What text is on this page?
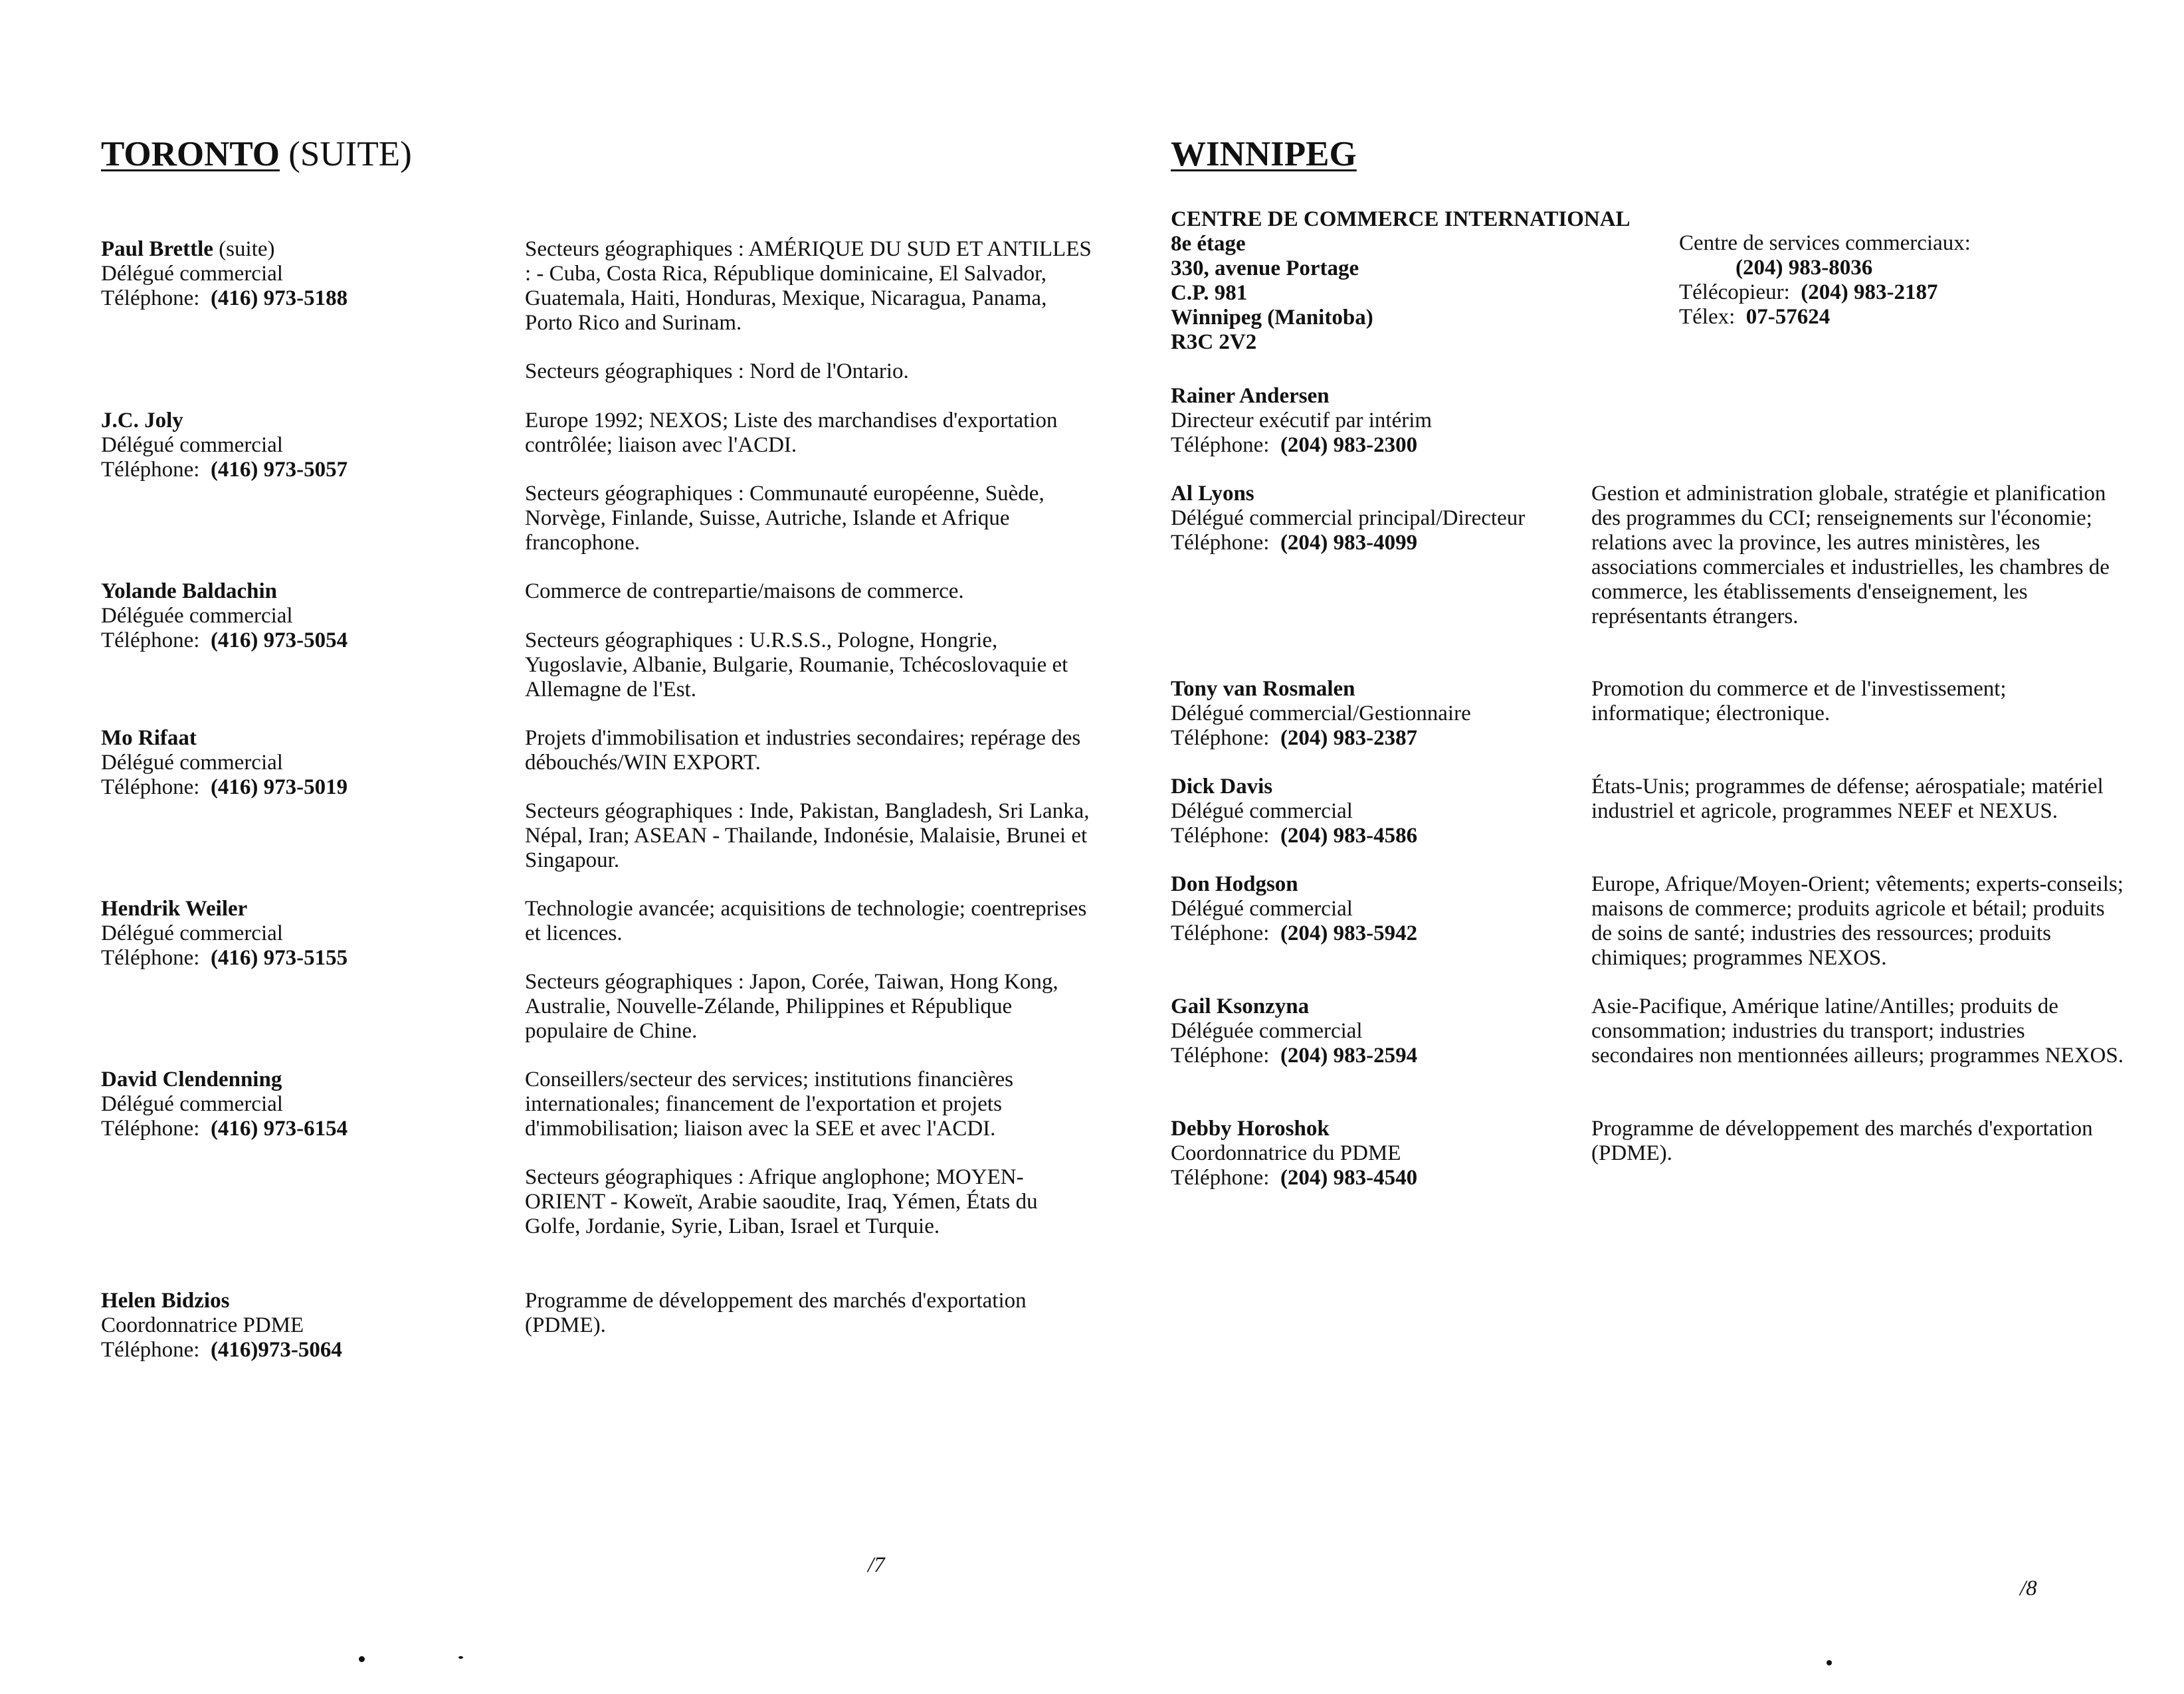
TORONTO (SUITE)
Paul Brettle (suite)
Délégué commercial
Téléphone: (416) 973-5188
J.C. Joly
Délégué commercial
Téléphone: (416) 973-5057
Yolande Baldachin
Déléguée commercial
Téléphone: (416) 973-5054
Mo Rifaat
Délégué commercial
Téléphone: (416) 973-5019
Hendrik Weiler
Délégué commercial
Téléphone: (416) 973-5155
David Clendenning
Délégué commercial
Téléphone: (416) 973-6154
Helen Bidzios
Coordonnatrice PDME
Téléphone: (416)973-5064

Secteurs géographiques : AMÉRIQUE DU SUD ET ANTILLES : - Cuba, Costa Rica, République dominicaine, El Salvador, Guatemala, Haiti, Honduras, Mexique, Nicaragua, Panama, Porto Rico and Surinam.

Secteurs géographiques : Nord de l'Ontario.

Europe 1992; NEXOS; Liste des marchandises d'exportation contrôlée; liaison avec l'ACDI.

Secteurs géographiques : Communauté européenne, Suède, Norvège, Finlande, Suisse, Autriche, Islande et Afrique francophone.

Commerce de contrepartie/maisons de commerce.

Secteurs géographiques : U.R.S.S., Pologne, Hongrie, Yugoslavie, Albanie, Bulgarie, Roumanie, Tchécoslovaquie et Allemagne de l'Est.

Projets d'immobilisation et industries secondaires; repérage des débouchés/WIN EXPORT.

Secteurs géographiques : Inde, Pakistan, Bangladesh, Sri Lanka, Népal, Iran; ASEAN - Thailande, Indonésie, Malaisie, Brunei et Singapour.

Technologie avancée; acquisitions de technologie; coentreprises et licences.

Secteurs géographiques : Japon, Corée, Taiwan, Hong Kong, Australie, Nouvelle-Zélande, Philippines et République populaire de Chine.

Conseillers/secteur des services; institutions financières internationales; financement de l'exportation et projets d'immobilisation; liaison avec la SEE et avec l'ACDI.

Secteurs géographiques : Afrique anglophone; MOYEN-ORIENT - Koweït, Arabie saoudite, Iraq, Yémen, États du Golfe, Jordanie, Syrie, Liban, Israel et Turquie.

Programme de développement des marchés d'exportation (PDME).

/7
WINNIPEG
CENTRE DE COMMERCE INTERNATIONAL
8e étage
330, avenue Portage
C.P. 981
Winnipeg (Manitoba)
R3C 2V2
Centre de services commerciaux:
(204) 983-8036
Télécopieur: (204) 983-2187
Télex: 07-57624
Rainer Andersen
Directeur exécutif par intérim
Téléphone: (204) 983-2300
Al Lyons
Délégué commercial principal/Directeur
Téléphone: (204) 983-4099
Tony van Rosmalen
Délégué commercial/Gestionnaire
Téléphone: (204) 983-2387
Dick Davis
Délégué commercial
Téléphone: (204) 983-4586
Don Hodgson
Délégué commercial
Téléphone: (204) 983-5942
Gail Ksonzyna
Déléguée commercial
Téléphone: (204) 983-2594
Debby Horoshok
Coordonnatrice du PDME
Téléphone: (204) 983-4540

Gestion et administration globale, stratégie et planification des programmes du CCI; renseignements sur l'économie; relations avec la province, les autres ministères, les associations commerciales et industrielles, les chambres de commerce, les établissements d'enseignement, les représentants étrangers.

Promotion du commerce et de l'investissement; informatique; électronique.

États-Unis; programmes de défense; aérospatiale; matériel industriel et agricole, programmes NEEF et NEXUS.

Europe, Afrique/Moyen-Orient; vêtements; experts-conseils; maisons de commerce; produits agricole et bétail; produits de soins de santé; industries des ressources; produits chimiques; programmes NEXOS.

Asie-Pacifique, Amérique latine/Antilles; produits de consommation; industries du transport; industries secondaires non mentionnées ailleurs; programmes NEXOS.

Programme de développement des marchés d'exportation (PDME).

/8
